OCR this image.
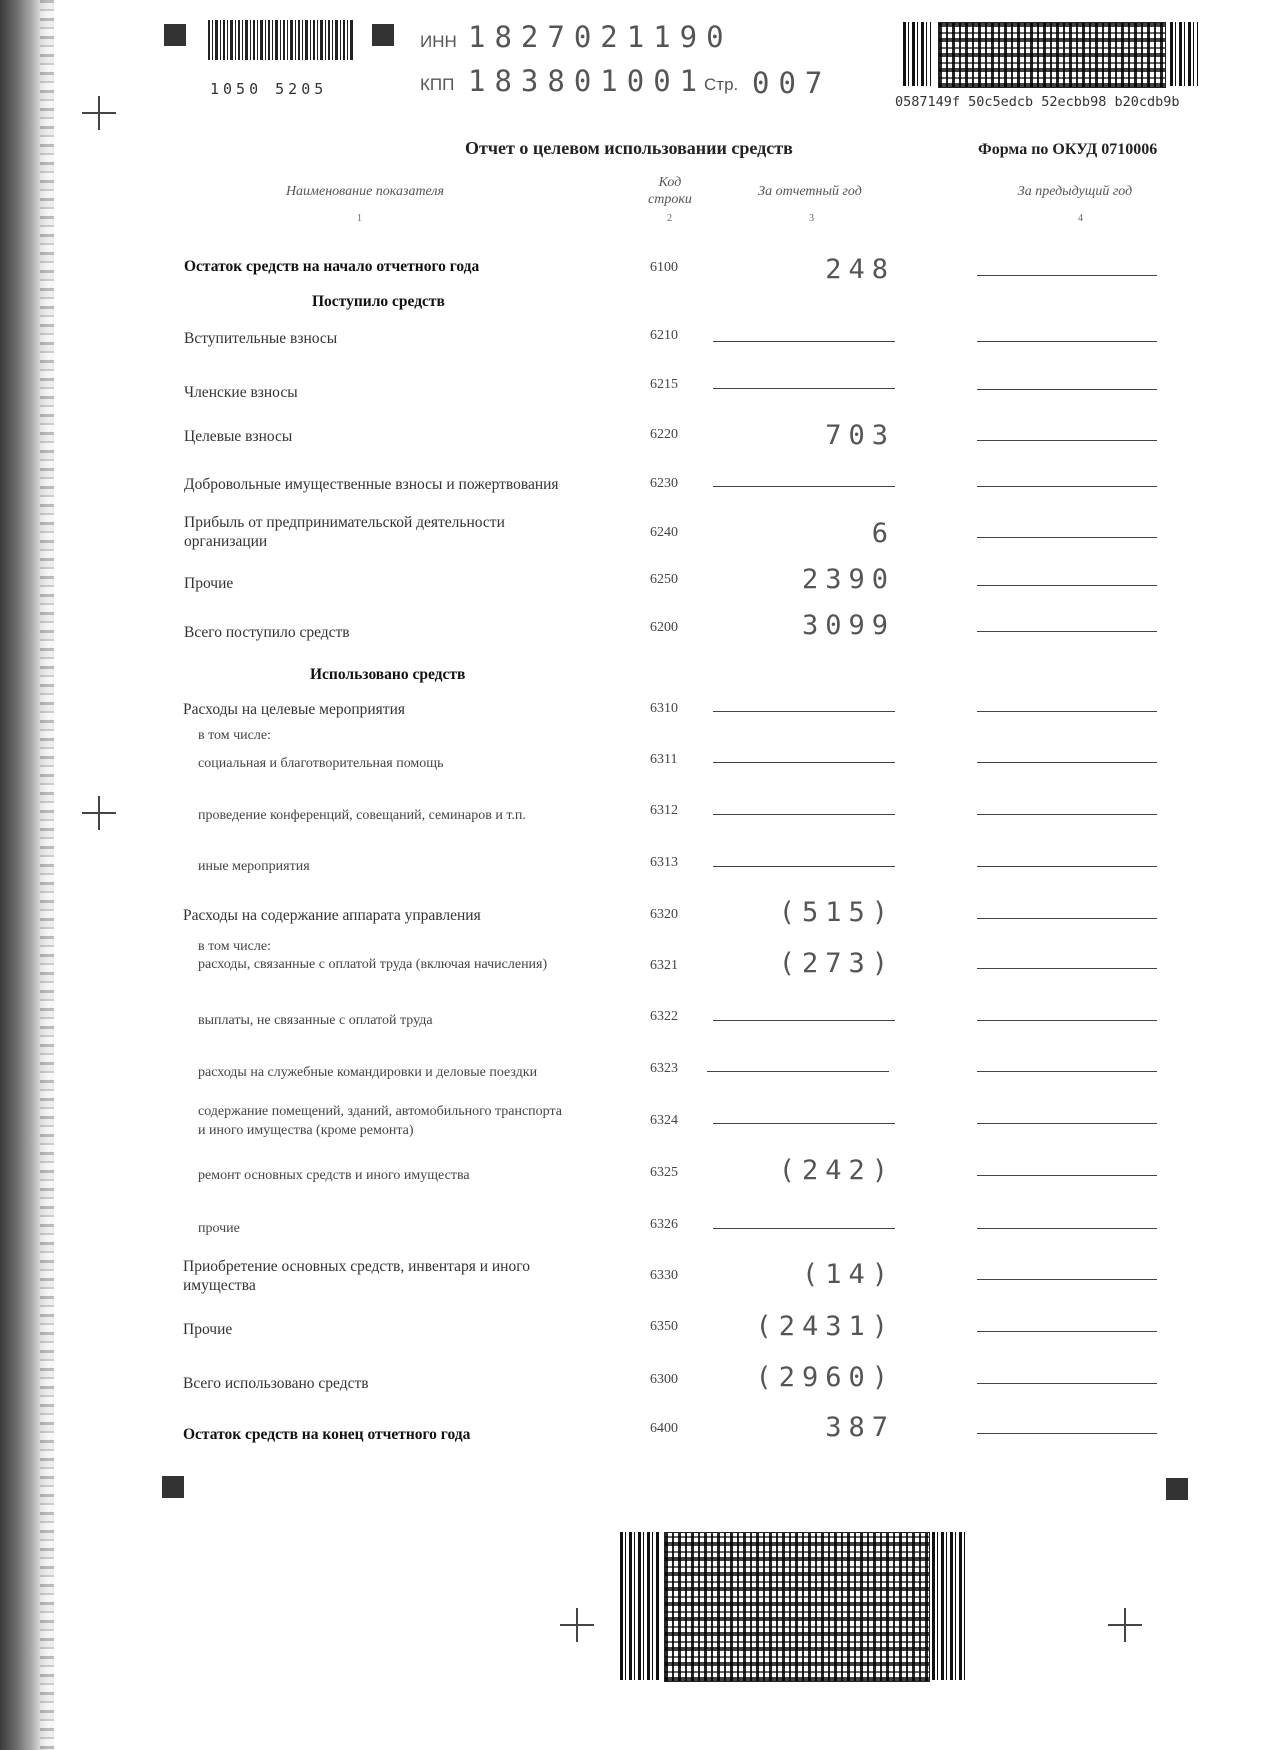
1050 5205
ИНН 1827021190
КПП 183801001
Стр. 007
0587149f 50c5edcb 52ecbb98 b20cdb9b
Отчет о целевом использовании средств	Форма по ОКУД 0710006
Наименование показателя
Код
строки
За отчетный год	За предыдущий год
1	2	3	4
Остаток средств на начало отчетного года	6100	248
Поступило средств
Вступительные взносы	6210
Членские взносы	6215
Целевые взносы	6220	703
Добровольные имущественные взносы и пожертвования	6230
Прибыль от предпринимательской деятельности
организации
6240	6
Прочие	6250	2390
Всего поступило средств	6200	3099
Использовано средств
Расходы на целевые мероприятия	6310
в том числе:
социальная и благотворительная помощь	6311
проведение конференций, совещаний, семинаров и т.п.	6312
иные мероприятия	6313
Расходы на содержание аппарата управления	6320	(515)
в том числе:
расходы, связанные с оплатой труда (включая начисления)	6321	(273)
выплаты, не связанные с оплатой труда	6322
расходы на служебные командировки и деловые поездки	6323
содержание помещений, зданий, автомобильного транспорта
и иного имущества (кроме ремонта)
6324
ремонт основных средств и иного имущества	6325	(242)
прочие	6326
Приобретение основных средств, инвентаря и иного
имущества
6330	(14)
Прочие	6350	(2431)
Всего использовано средств	6300	(2960)
Остаток средств на конец отчетного года	6400	387
